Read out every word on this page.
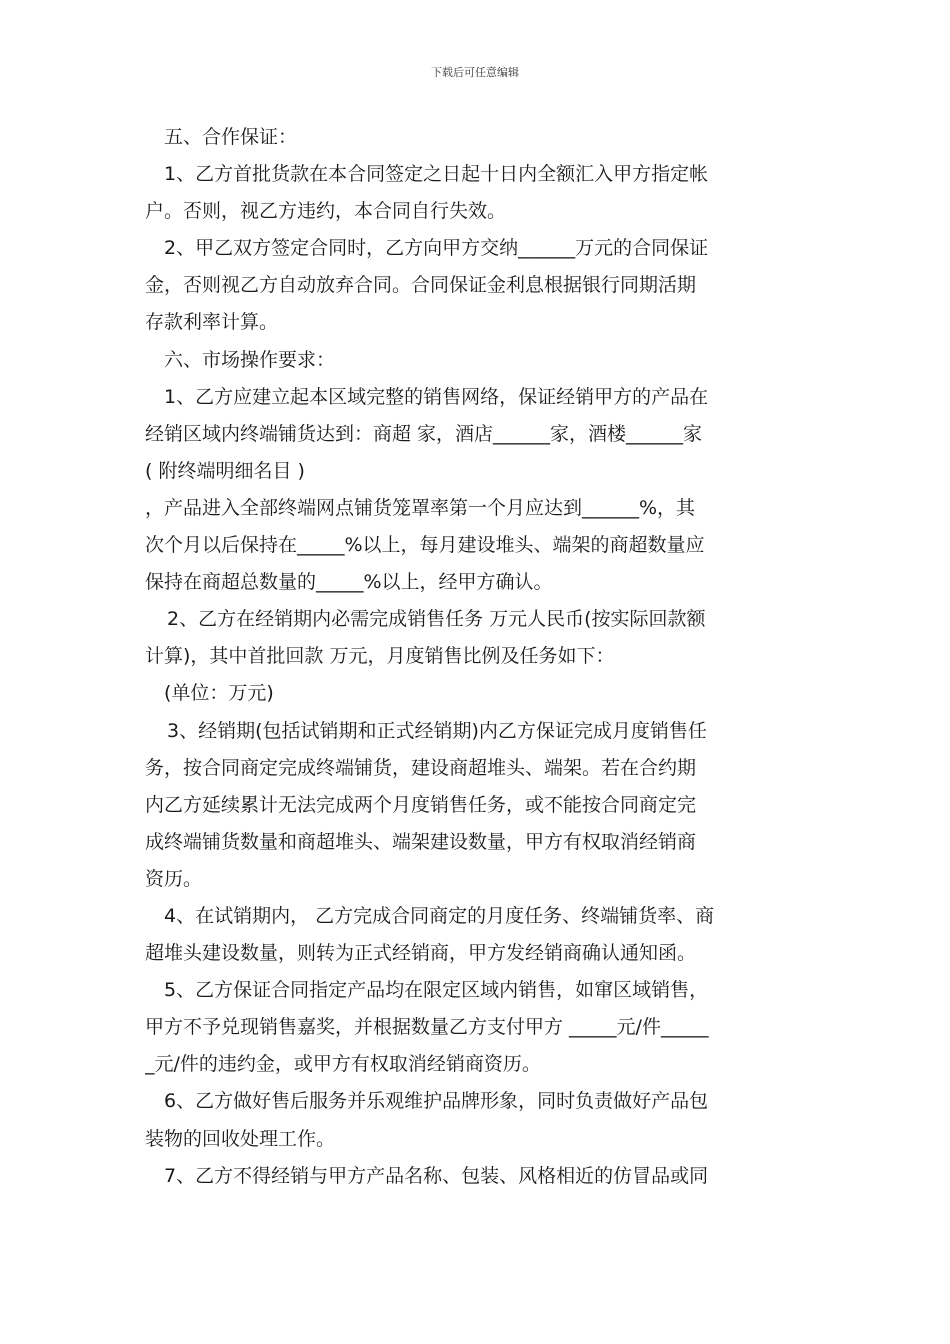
下载后可任意编辑
五、合作保证：
1、乙方首批货款在本合同签定之日起十日内全额汇入甲方指定帐
户。否则，视乙方违约，本合同自行失效。
2、甲乙双方签定合同时，乙方向甲方交纳______万元的合同保证
金，否则视乙方自动放弃合同。合同保证金利息根据银行同期活期
存款利率计算。
六、市场操作要求：
1、乙方应建立起本区域完整的销售网络，保证经销甲方的产品在
经销区域内终端铺货达到：商超 家，酒店______家，酒楼______家
( 附终端明细名目 )
，产品进入全部终端网点铺货笼罩率第一个月应达到______%，其
次个月以后保持在_____%以上，每月建设堆头、端架的商超数量应
保持在商超总数量的_____%以上，经甲方确认。
2、乙方在经销期内必需完成销售任务 万元人民币(按实际回款额
计算)，其中首批回款 万元，月度销售比例及任务如下：
(单位：万元)
3、经销期(包括试销期和正式经销期)内乙方保证完成月度销售任
务，按合同商定完成终端铺货，建设商超堆头、端架。若在合约期
内乙方延续累计无法完成两个月度销售任务，或不能按合同商定完
成终端铺货数量和商超堆头、端架建设数量，甲方有权取消经销商
资历。
4、在试销期内， 乙方完成合同商定的月度任务、终端铺货率、商
超堆头建设数量，则转为正式经销商，甲方发经销商确认通知函。
5、乙方保证合同指定产品均在限定区域内销售，如窜区域销售，
甲方不予兑现销售嘉奖，并根据数量乙方支付甲方 _____元/件_____
_元/件的违约金，或甲方有权取消经销商资历。
6、乙方做好售后服务并乐观维护品牌形象，同时负责做好产品包
装物的回收处理工作。
7、乙方不得经销与甲方产品名称、包装、风格相近的仿冒品或同
